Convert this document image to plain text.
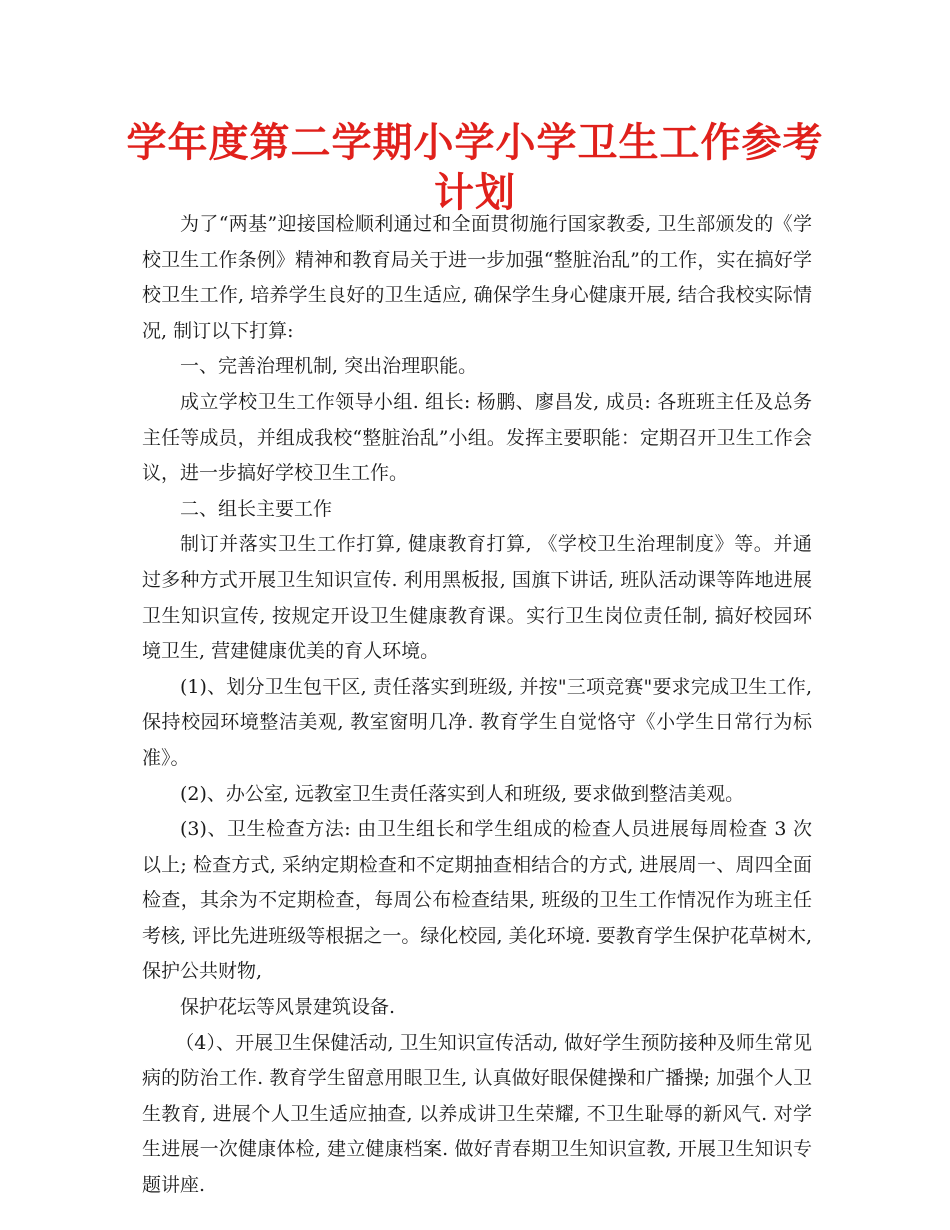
学年度第二学期小学小学卫生工作参考计划

为了“两基”迎接国检顺利通过和全面贯彻施行国家教委, 卫生部颁发的《学校卫生工作条例》精神和教育局关于进一步加强“整脏治乱”的工作，实在搞好学校卫生工作, 培养学生良好的卫生适应, 确保学生身心健康开展, 结合我校实际情况, 制订以下打算:

一、完善治理机制, 突出治理职能。

成立学校卫生工作领导小组. 组长: 杨鹏、廖昌发, 成员: 各班班主任及总务主任等成员，并组成我校“整脏治乱”小组。发挥主要职能：定期召开卫生工作会议，进一步搞好学校卫生工作。

二、组长主要工作

制订并落实卫生工作打算, 健康教育打算, 《学校卫生治理制度》等。并通过多种方式开展卫生知识宣传. 利用黑板报, 国旗下讲话, 班队活动课等阵地进展卫生知识宣传, 按规定开设卫生健康教育课。实行卫生岗位责任制, 搞好校园环境卫生, 营建健康优美的育人环境。

(1)、划分卫生包干区, 责任落实到班级, 并按"三项竞赛"要求完成卫生工作, 保持校园环境整洁美观, 教室窗明几净. 教育学生自觉恪守《小学生日常行为标准》。

(2)、办公室, 远教室卫生责任落实到人和班级, 要求做到整洁美观。

(3)、卫生检查方法: 由卫生组长和学生组成的检查人员进展每周检查 3 次以上; 检查方式, 采纳定期检查和不定期抽查相结合的方式, 进展周一、周四全面检查，其余为不定期检查，每周公布检查结果, 班级的卫生工作情况作为班主任考核, 评比先进班级等根据之一。绿化校园, 美化环境. 要教育学生保护花草树木, 保护公共财物,

保护花坛等风景建筑设备.

（4）、开展卫生保健活动, 卫生知识宣传活动, 做好学生预防接种及师生常见病的防治工作. 教育学生留意用眼卫生, 认真做好眼保健操和广播操; 加强个人卫生教育, 进展个人卫生适应抽查, 以养成讲卫生荣耀, 不卫生耻辱的新风气. 对学生进展一次健康体检, 建立健康档案. 做好青春期卫生知识宣教, 开展卫生知识专题讲座.
